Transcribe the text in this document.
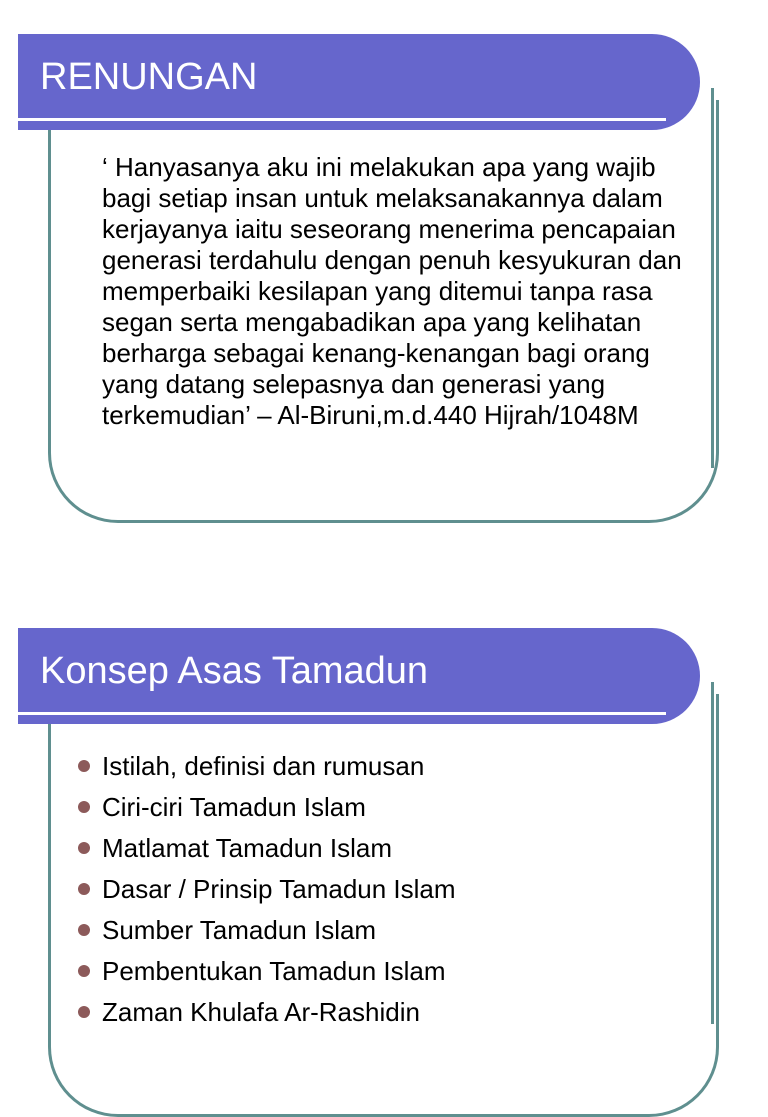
RENUNGAN
‘ Hanyasanya aku ini melakukan apa yang wajib bagi setiap insan untuk melaksanakannya dalam kerjayanya iaitu seseorang menerima pencapaian generasi terdahulu dengan penuh kesyukuran dan memperbaiki kesilapan yang ditemui tanpa rasa segan serta mengabadikan apa yang kelihatan berharga sebagai kenang-kenangan bagi orang yang datang selepasnya dan generasi yang terkemudian’ – Al-Biruni,m.d.440 Hijrah/1048M
Konsep Asas Tamadun
Istilah, definisi dan rumusan
Ciri-ciri Tamadun Islam
Matlamat Tamadun Islam
Dasar / Prinsip Tamadun Islam
Sumber Tamadun Islam
Pembentukan Tamadun Islam
Zaman Khulafa Ar-Rashidin
